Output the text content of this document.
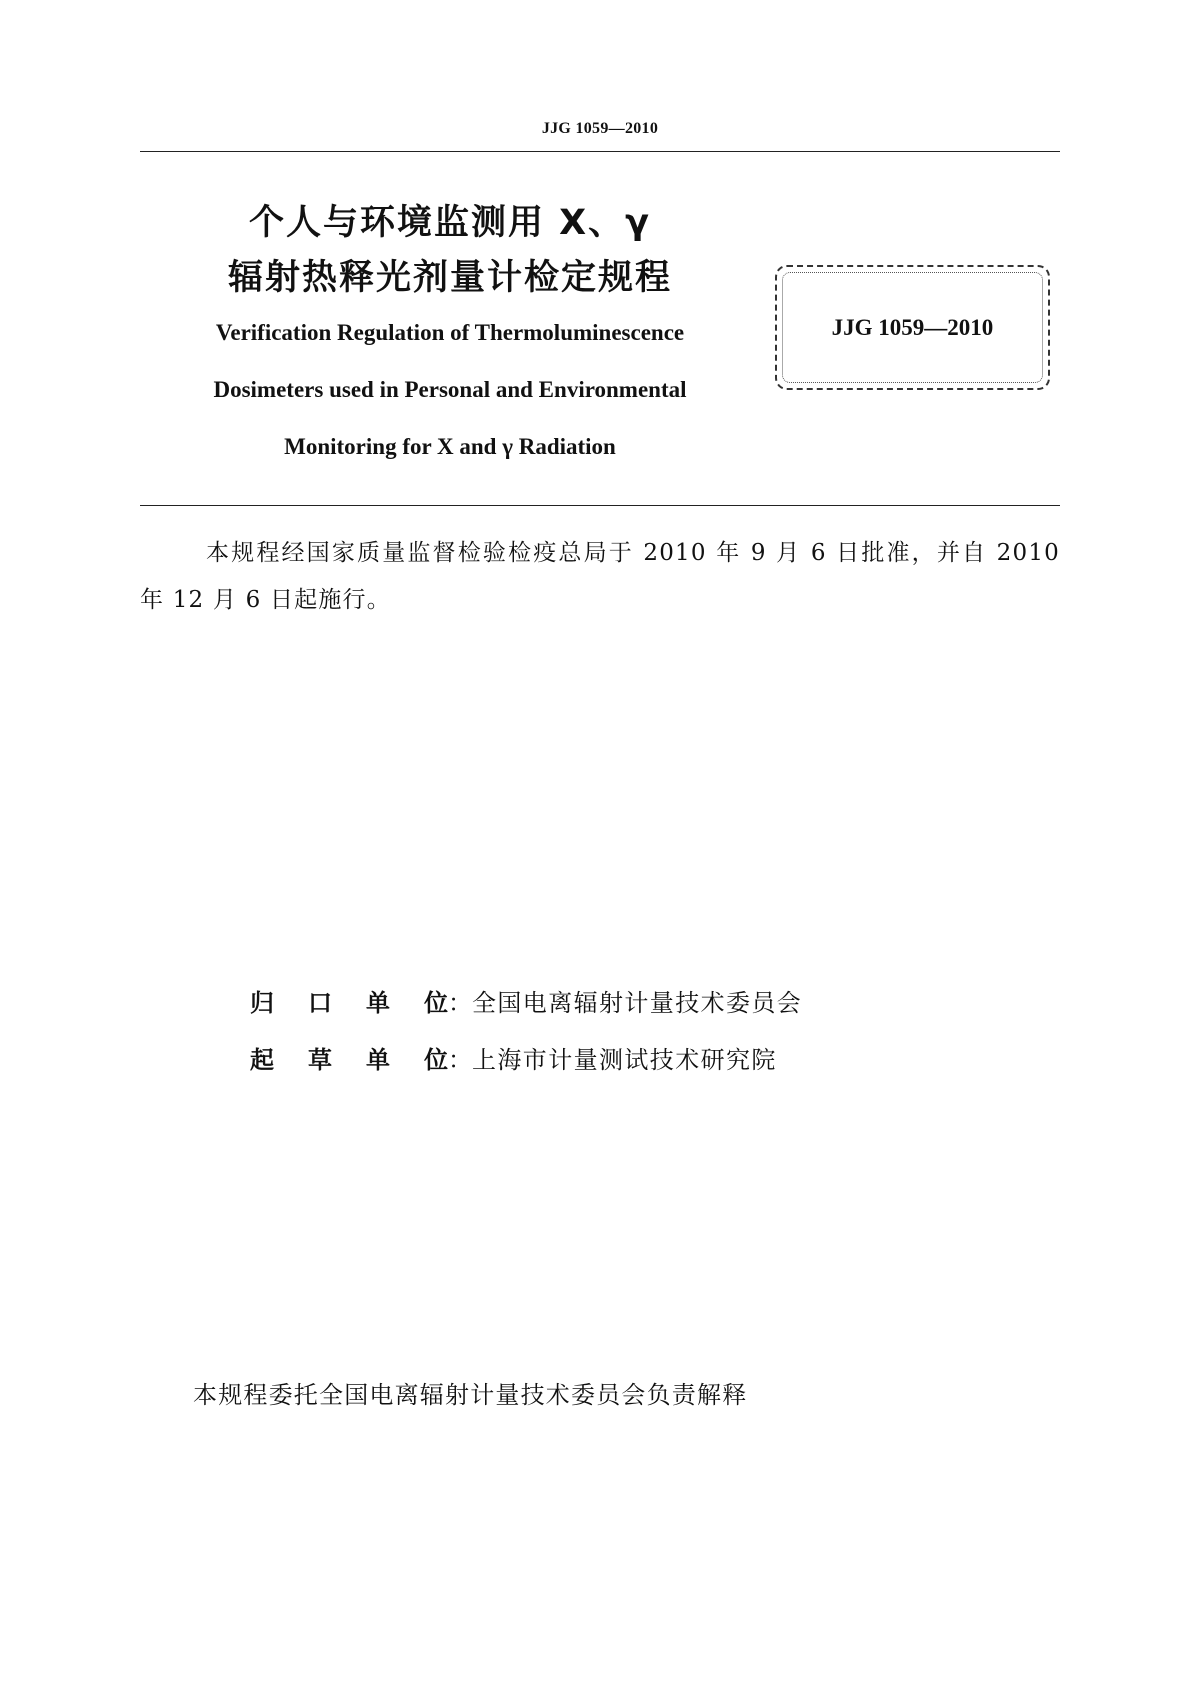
JJG 1059—2010
个人与环境监测用 X、γ
辐射热释光剂量计检定规程
Verification Regulation of Thermoluminescence
Dosimeters used in Personal and Environmental
Monitoring for X and γ Radiation
JJG 1059—2010

本规程经国家质量监督检验检疫总局于 2010 年 9 月 6 日批准，并自 2010 年 12 月 6 日起施行。

归口单位：全国电离辐射计量技术委员会
起草单位：上海市计量测试技术研究院
本规程委托全国电离辐射计量技术委员会负责解释
